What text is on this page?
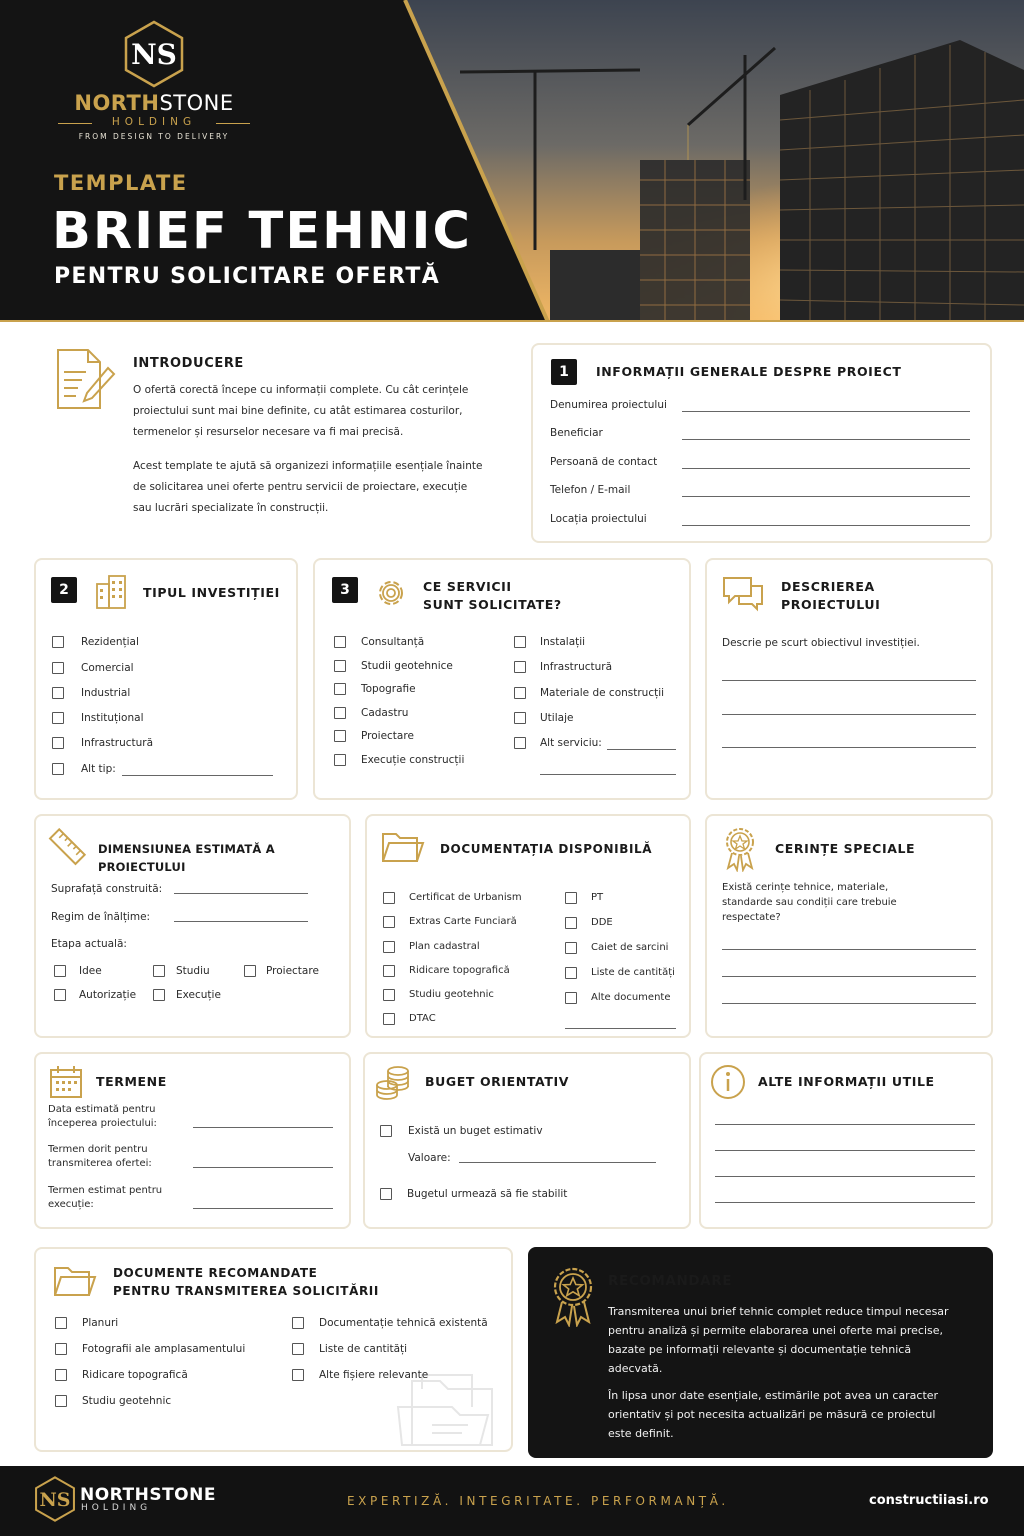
NS
NORTHSTONE
HOLDING
FROM DESIGN TO DELIVERY
TEMPLATE
BRIEF TEHNIC
PENTRU SOLICITARE OFERTĂ
INTRODUCERE
O ofertă corectă începe cu informații complete. Cu cât cerințele
proiectului sunt mai bine definite, cu atât estimarea costurilor,
termenelor și resurselor necesare va fi mai precisă.
Acest template te ajută să organizezi informațiile esențiale înainte
de solicitarea unei oferte pentru servicii de proiectare, execuție
sau lucrări specializate în construcții.
1	INFORMAȚII GENERALE DESPRE PROIECT
Denumirea proiectului
Beneficiar
Persoană de contact
Telefon / E-mail
Locația proiectului
2	TIPUL INVESTIȚIEI
Rezidențial
Comercial
Industrial
Instituțional
Infrastructură
Alt tip:
3	CE SERVICII
SUNT SOLICITATE?
Consultanță
Studii geotehnice
Topografie
Cadastru
Proiectare
Execuție construcții
Instalații
Infrastructură
Materiale de construcții
Utilaje
Alt serviciu:
DESCRIEREA
PROIECTULUI
Descrie pe scurt obiectivul investiției.
DIMENSIUNEA ESTIMATĂ A PROIECTULUI
Suprafață construită:
Regim de înălțime:
Etapa actuală:
Idee	Studiu	Proiectare
Autorizație	Execuție
DOCUMENTAȚIA DISPONIBILĂ
Certificat de Urbanism
Extras Carte Funciară
Plan cadastral
Ridicare topografică
Studiu geotehnic
DTAC
PT
DDE
Caiet de sarcini
Liste de cantități
Alte documente
CERINȚE SPECIALE
Există cerințe tehnice, materiale,
standarde sau condiții care trebuie
respectate?
TERMENE
Data estimată pentru
începerea proiectului:
Termen dorit pentru
transmiterea ofertei:
Termen estimat pentru
execuție:
BUGET ORIENTATIV
Există un buget estimativ
Valoare:
Bugetul urmează să fie stabilit
ALTE INFORMAȚII UTILE
DOCUMENTE RECOMANDATE
PENTRU TRANSMITEREA SOLICITĂRII
Planuri
Fotografii ale amplasamentului
Ridicare topografică
Studiu geotehnic
Documentație tehnică existentă
Liste de cantități
Alte fișiere relevante
RECOMANDARE
Transmiterea unui brief tehnic complet reduce timpul necesar
pentru analiză și permite elaborarea unei oferte mai precise,
bazate pe informații relevante și documentație tehnică
adecvată.
În lipsa unor date esențiale, estimările pot avea un caracter
orientativ și pot necesita actualizări pe măsură ce proiectul
este definit.
NS NORTHSTONE
HOLDING	EXPERTIZĂ. INTEGRITATE. PERFORMANȚĂ.	constructiiasi.ro
